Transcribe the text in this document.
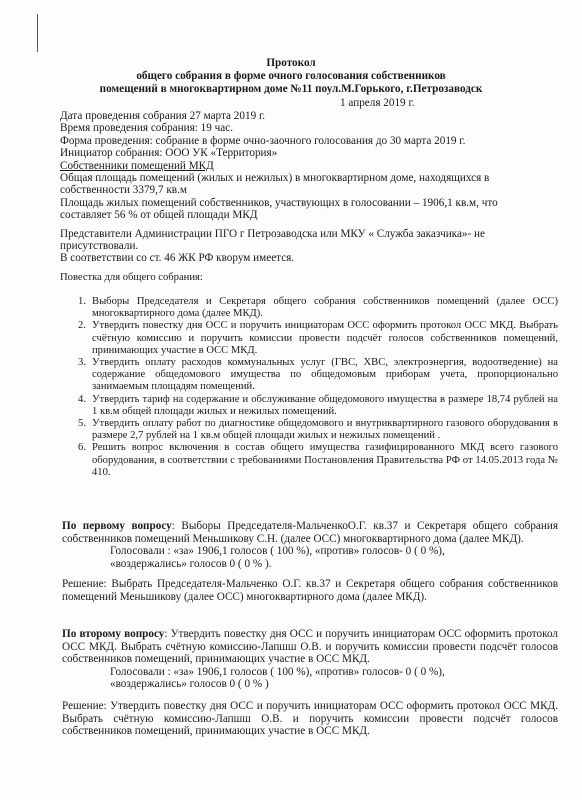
Протокол
общего собрания в форме очного голосования собственников
помещений в многоквартирном доме №11 поул.М.Горького, г.Петрозаводск
1 апреля 2019 г.

Дата проведения собрания 27 марта 2019 г.

Время проведения собрания: 19 час.

Форма проведения: собрание в форме очно-заочного голосования до 30 марта 2019 г.

Инициатор собрания: ООО УК «Территория»

Собственники помещений МКД

Общая площадь помещений (жилых и нежилых) в многоквартирном доме, находящихся в

собственности 3379,7 кв.м

Площадь жилых помещений собственников, участвующих в голосовании – 1906,1 кв.м, что

составляет 56 % от общей площади МКД

Представители Администрации ПГО г Петрозаводска или МКУ « Служба заказчика»- не

присутствовали.

В соответствии со ст. 46 ЖК РФ кворум имеется.

Повестка для общего собрания:
1. Выборы Председателя и Секретаря общего собрания собственников помещений (далее ОСС) многоквартирного дома (далее МКД).
2. Утвердить повестку дня ОСС и поручить инициаторам ОСС оформить протокол ОСС МКД. Выбрать счётную комиссию и поручить комиссии провести подсчёт голосов собственников помещений, принимающих участие в ОСС МКД.
3. Утвердить оплату расходов коммунальных услуг (ГВС, ХВС, электроэнергия, водоотведение) на содержание общедомового имущества по общедомовым приборам учета, пропорционально занимаемым площадям помещений.
4. Утвердить тариф на содержание и обслуживание общедомового имущества в размере 18,74 рублей на 1 кв.м общей площади жилых и нежилых помещений.
5. Утвердить оплату работ по диагностике общедомового и внутриквартирного газового оборудования в размере 2,7 рублей на 1 кв.м общей площади жилых и нежилых помещений .
6. Решить вопрос включения в состав общего имущества газифицированного МКД всего газового оборудования, в соответствии с требованиями Постановления Правительства РФ от 14.05.2013 года № 410.

По первому вопросу: Выборы Председателя-МальченкоО.Г. кв.37 и Секретаря общего собрания собственников помещений Меньшикову С.Н. (далее ОСС) многоквартирного дома (далее МКД).

Голосовали : «за» 1906,1 голосов ( 100 %), «против» голосов- 0 ( 0 %),

«воздержались» голосов 0 ( 0 % ).

Решение: Выбрать Председателя-Мальченко О.Г. кв.37 и Секретаря общего собрания собственников помещений Меньшикову (далее ОСС) многоквартирного дома (далее МКД).

По второму вопросу: Утвердить повестку дня ОСС и поручить инициаторам ОСС оформить протокол ОСС МКД. Выбрать счётную комиссию-Лапшш О.В. и поручить комиссии провести подсчёт голосов собственников помещений, принимающих участие в ОСС МКД.

Голосовали : «за» 1906,1 голосов ( 100 %), «против» голосов- 0 ( 0 %),

«воздержались» голосов 0 ( 0 % )

Решение: Утвердить повестку дня ОСС и поручить инициаторам ОСС оформить протокол ОСС МКД. Выбрать счётную комиссию-Лапшш О.В. и поручить комиссии провести подсчёт голосов собственников помещений, принимающих участие в ОСС МКД.
